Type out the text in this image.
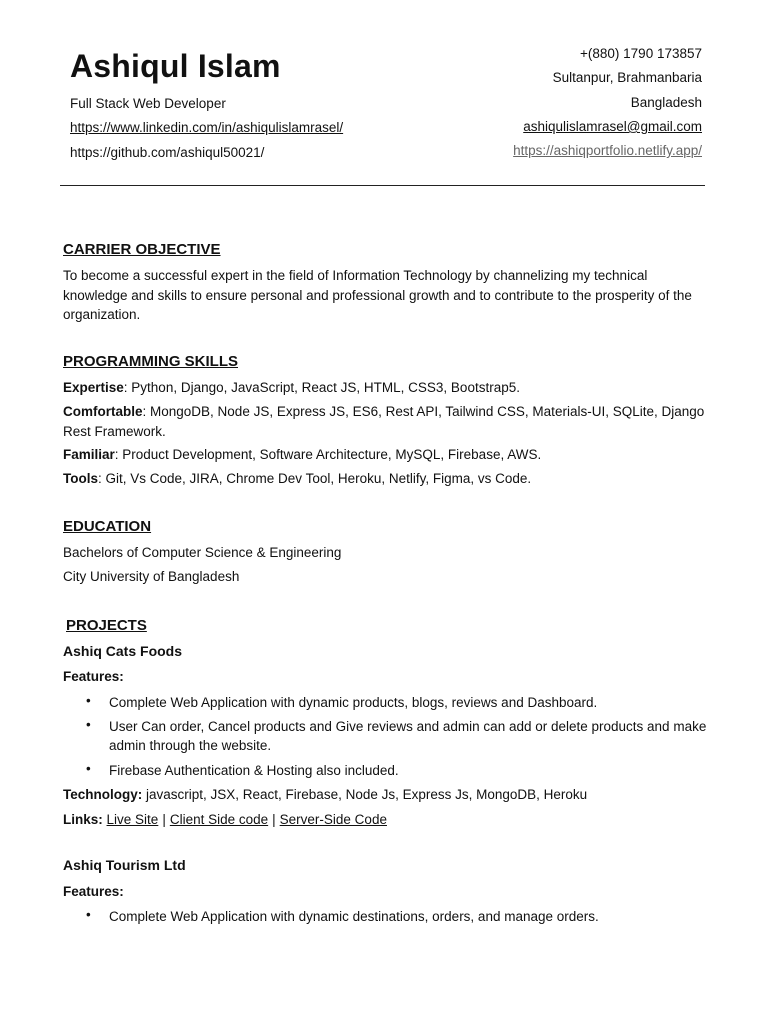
Ashiqul Islam
Full Stack Web Developer
https://www.linkedin.com/in/ashiqulislamrasel/
https://github.com/ashiqul50021/
+(880) 1790 173857
Sultanpur, Brahmanbaria
Bangladesh
ashiqulislamrasel@gmail.com
https://ashiqportfolio.netlify.app/
CARRIER OBJECTIVE
To become a successful expert in the field of Information Technology by channelizing my technical knowledge and skills to ensure personal and professional growth and to contribute to the prosperity of the organization.
PROGRAMMING SKILLS
Expertise: Python, Django, JavaScript, React JS, HTML, CSS3, Bootstrap5.
Comfortable: MongoDB, Node JS, Express JS, ES6, Rest API, Tailwind CSS, Materials-UI, SQLite, Django Rest Framework.
Familiar: Product Development, Software Architecture, MySQL, Firebase, AWS.
Tools: Git, Vs Code, JIRA, Chrome Dev Tool, Heroku, Netlify, Figma, vs Code.
EDUCATION
Bachelors of Computer Science & Engineering
City University of Bangladesh
PROJECTS
Ashiq Cats Foods
Features:
• Complete Web Application with dynamic products, blogs, reviews and Dashboard.
• User Can order, Cancel products and Give reviews and admin can add or delete products and make admin through the website.
• Firebase Authentication & Hosting also included.
Technology: javascript, JSX, React, Firebase, Node Js, Express Js, MongoDB, Heroku
Links: Live Site | Client Side code | Server-Side Code
Ashiq Tourism Ltd
Features:
• Complete Web Application with dynamic destinations, orders, and manage orders.
